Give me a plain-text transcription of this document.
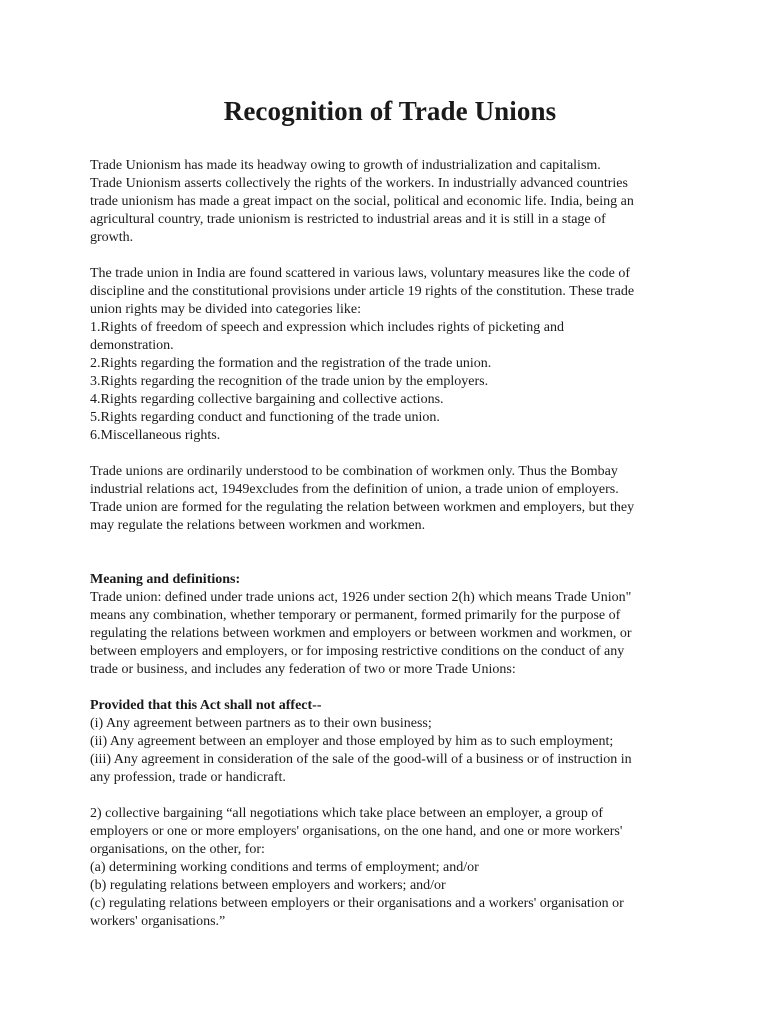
Recognition of Trade Unions

Trade Unionism has made its headway owing to growth of industrialization and capitalism.
Trade Unionism asserts collectively the rights of the workers. In industrially advanced countries
trade unionism has made a great impact on the social, political and economic life. India, being an
agricultural country, trade unionism is restricted to industrial areas and it is still in a stage of
growth.

The trade union in India are found scattered in various laws, voluntary measures like the code of
discipline and the constitutional provisions under article 19 rights of the constitution. These trade
union rights may be divided into categories like:
1.Rights of freedom of speech and expression which includes rights of picketing and
demonstration.
2.Rights regarding the formation and the registration of the trade union.
3.Rights regarding the recognition of the trade union by the employers.
4.Rights regarding collective bargaining and collective actions.
5.Rights regarding conduct and functioning of the trade union.
6.Miscellaneous rights.

Trade unions are ordinarily understood to be combination of workmen only. Thus the Bombay
industrial relations act, 1949excludes from the definition of union, a trade union of employers.
Trade union are formed for the regulating the relation between workmen and employers, but they
may regulate the relations between workmen and workmen.

Meaning and definitions:
Trade union: defined under trade unions act, 1926 under section 2(h) which means Trade Union"
means any combination, whether temporary or permanent, formed primarily for the purpose of
regulating the relations between workmen and employers or between workmen and workmen, or
between employers and employers, or for imposing restrictive conditions on the conduct of any
trade or business, and includes any federation of two or more Trade Unions:

Provided that this Act shall not affect--
(i) Any agreement between partners as to their own business;
(ii) Any agreement between an employer and those employed by him as to such employment;
(iii) Any agreement in consideration of the sale of the good-will of a business or of instruction in
any profession, trade or handicraft.

2) collective bargaining “all negotiations which take place between an employer, a group of
employers or one or more employers' organisations, on the one hand, and one or more workers'
organisations, on the other, for:
(a) determining working conditions and terms of employment; and/or
(b) regulating relations between employers and workers; and/or
(c) regulating relations between employers or their organisations and a workers' organisation or
workers' organisations.”
